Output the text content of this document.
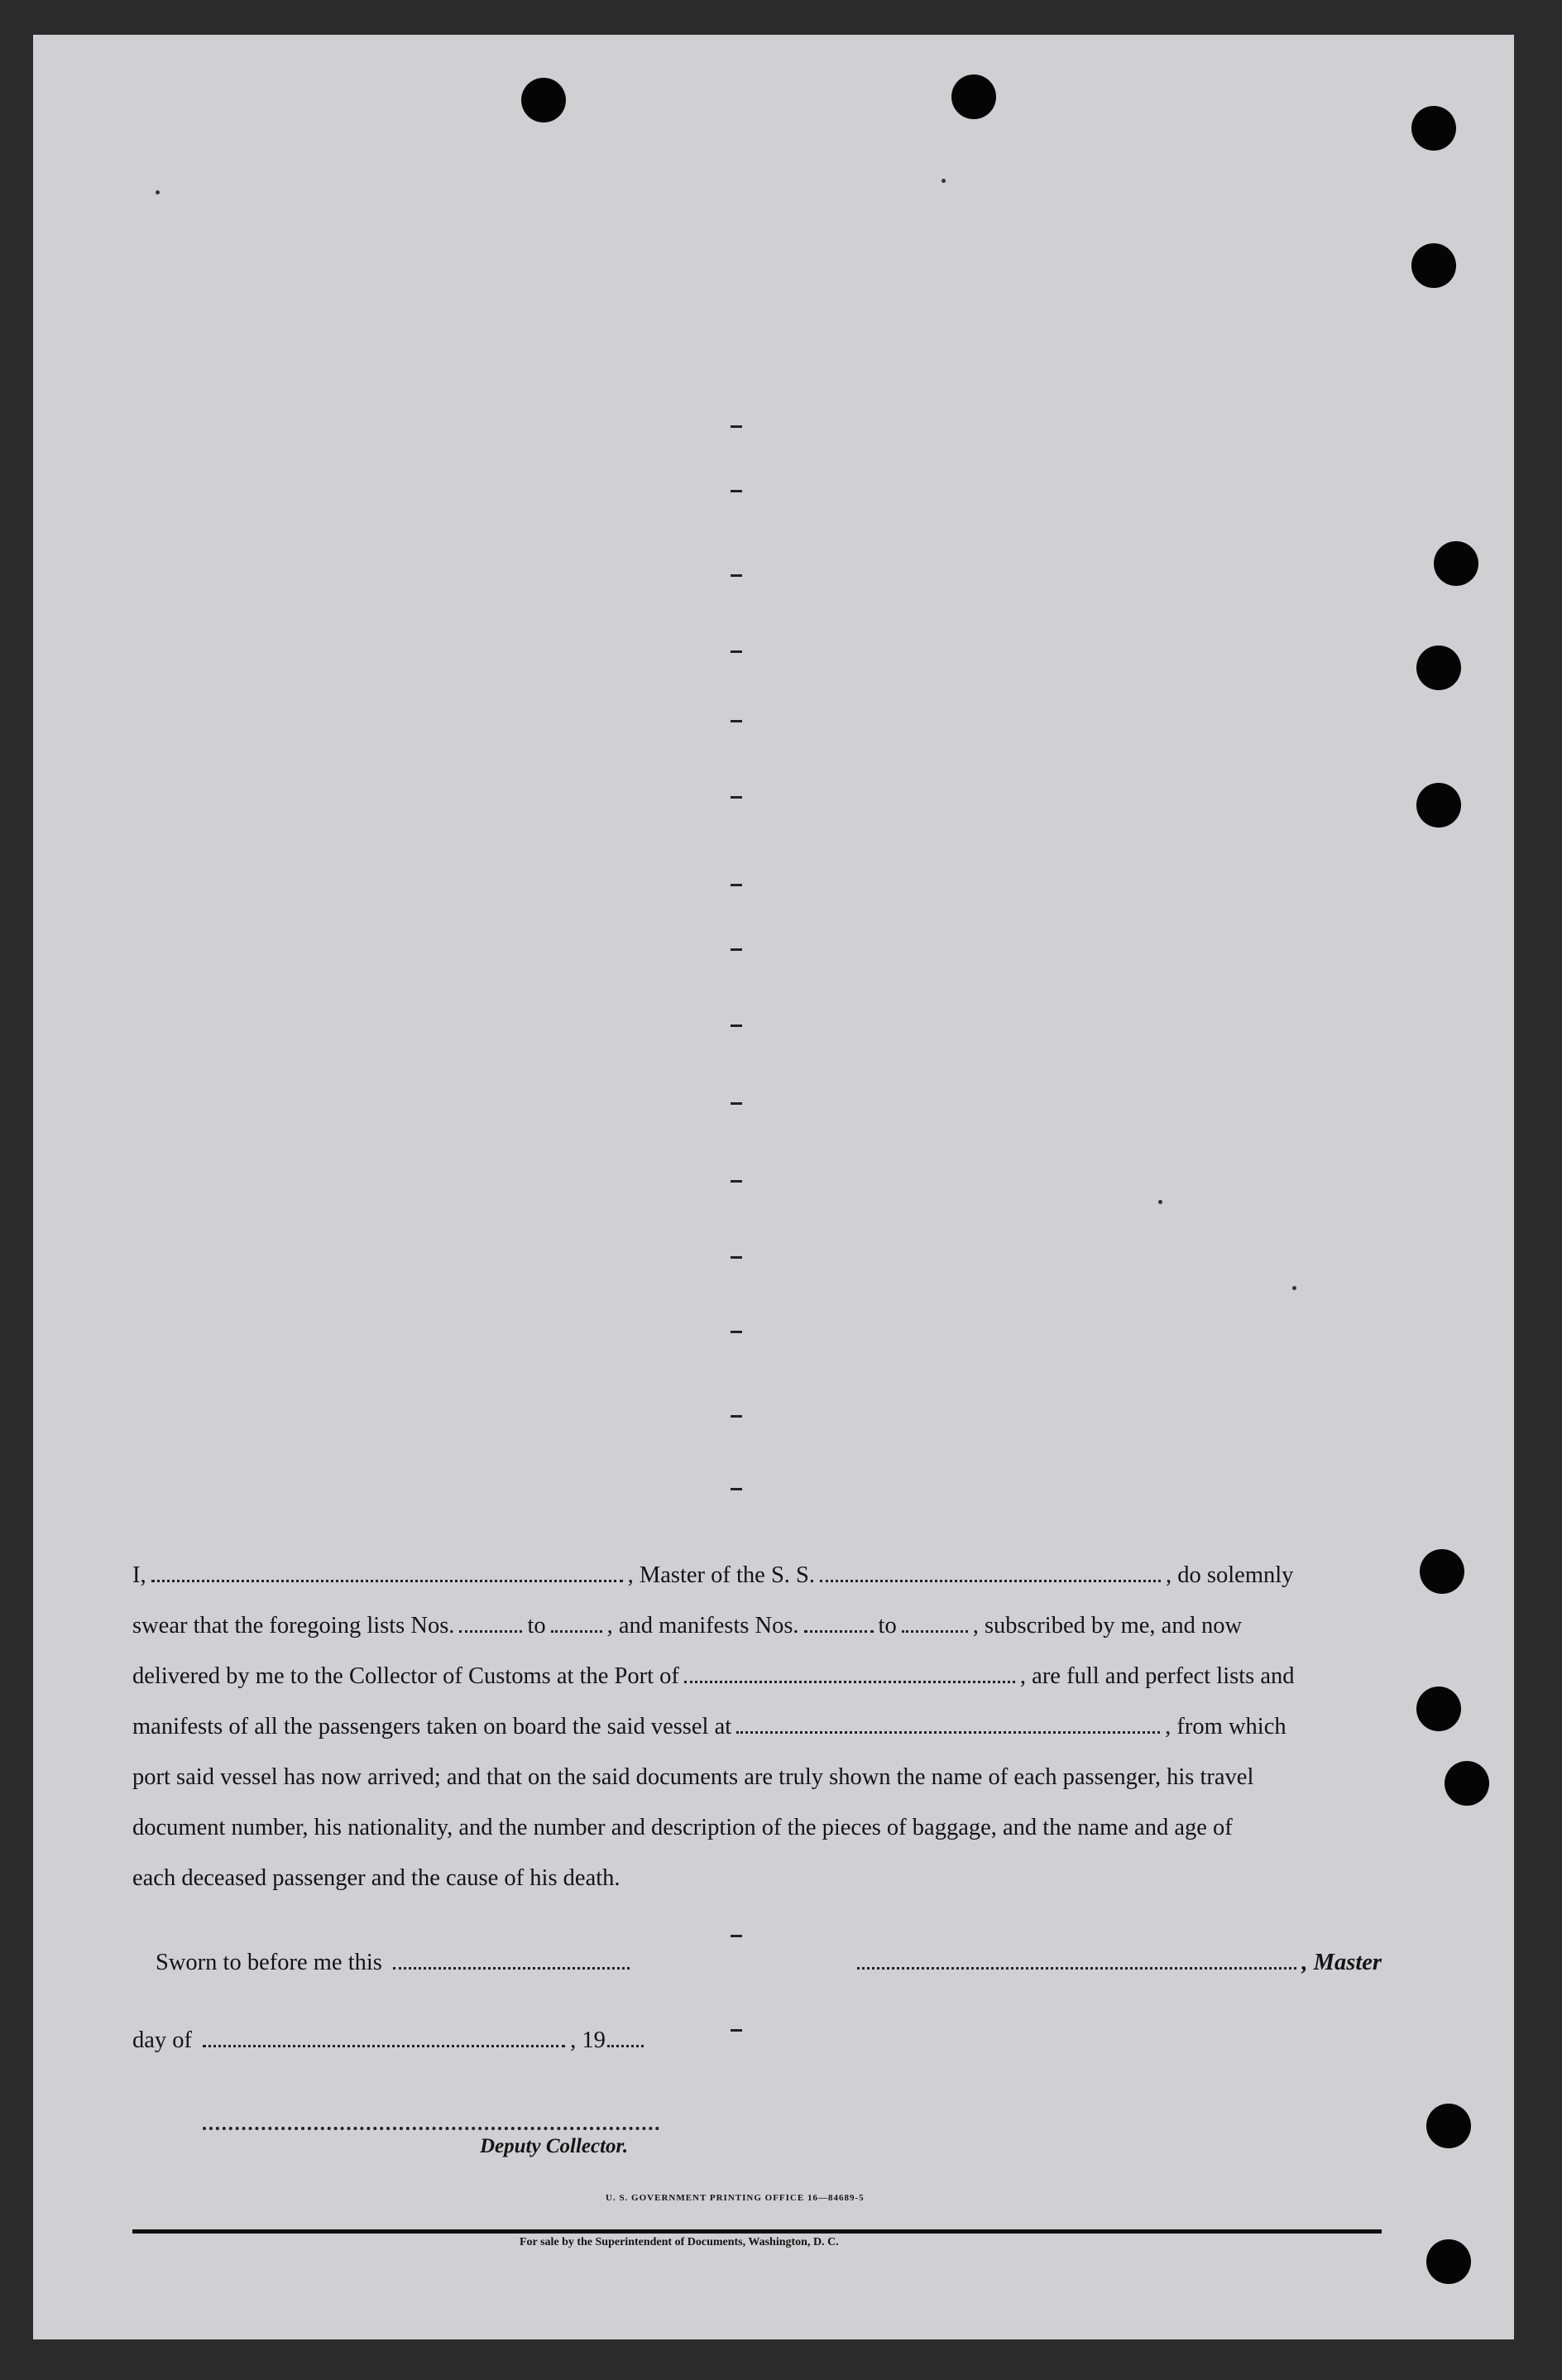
I,	, Master of the S. S.	, do solemnly
swear that the foregoing lists Nos.	to	, and manifests Nos.	to	, subscribed by me, and now
delivered by me to the Collector of Customs at the Port of	, are full and perfect lists and
manifests of all the passengers taken on board the said vessel at	, from which
port said vessel has now arrived; and that on the said documents are truly shown the name of each passenger, his travel
document number, his nationality, and the number and description of the pieces of baggage, and the name and age of
each deceased passenger and the cause of his death.
Sworn to before me this	, Master
day of	, 19
Deputy Collector.
U. S. GOVERNMENT PRINTING OFFICE 16—84689-5
For sale by the Superintendent of Documents, Washington, D. C.
